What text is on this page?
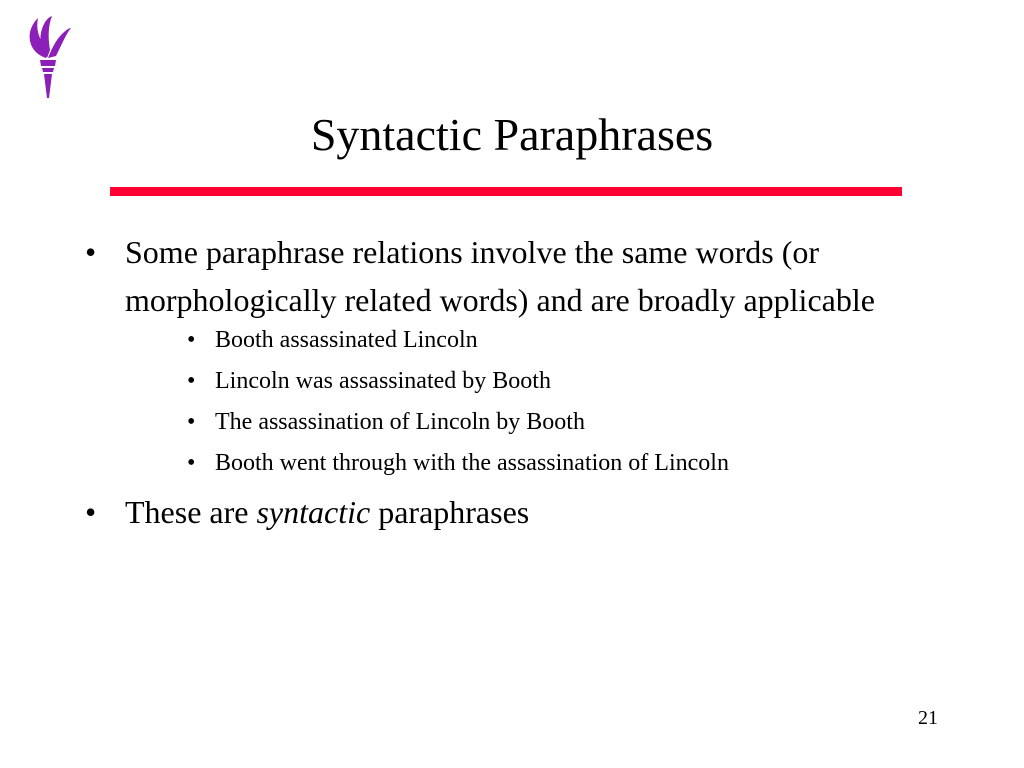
Syntactic Paraphrases
• Some paraphrase relations involve the same words (or morphologically related words) and are broadly applicable
• Booth assassinated Lincoln
• Lincoln was assassinated by Booth
• The assassination of Lincoln by Booth
• Booth went through with the assassination of Lincoln
• These are syntactic paraphrases
21
